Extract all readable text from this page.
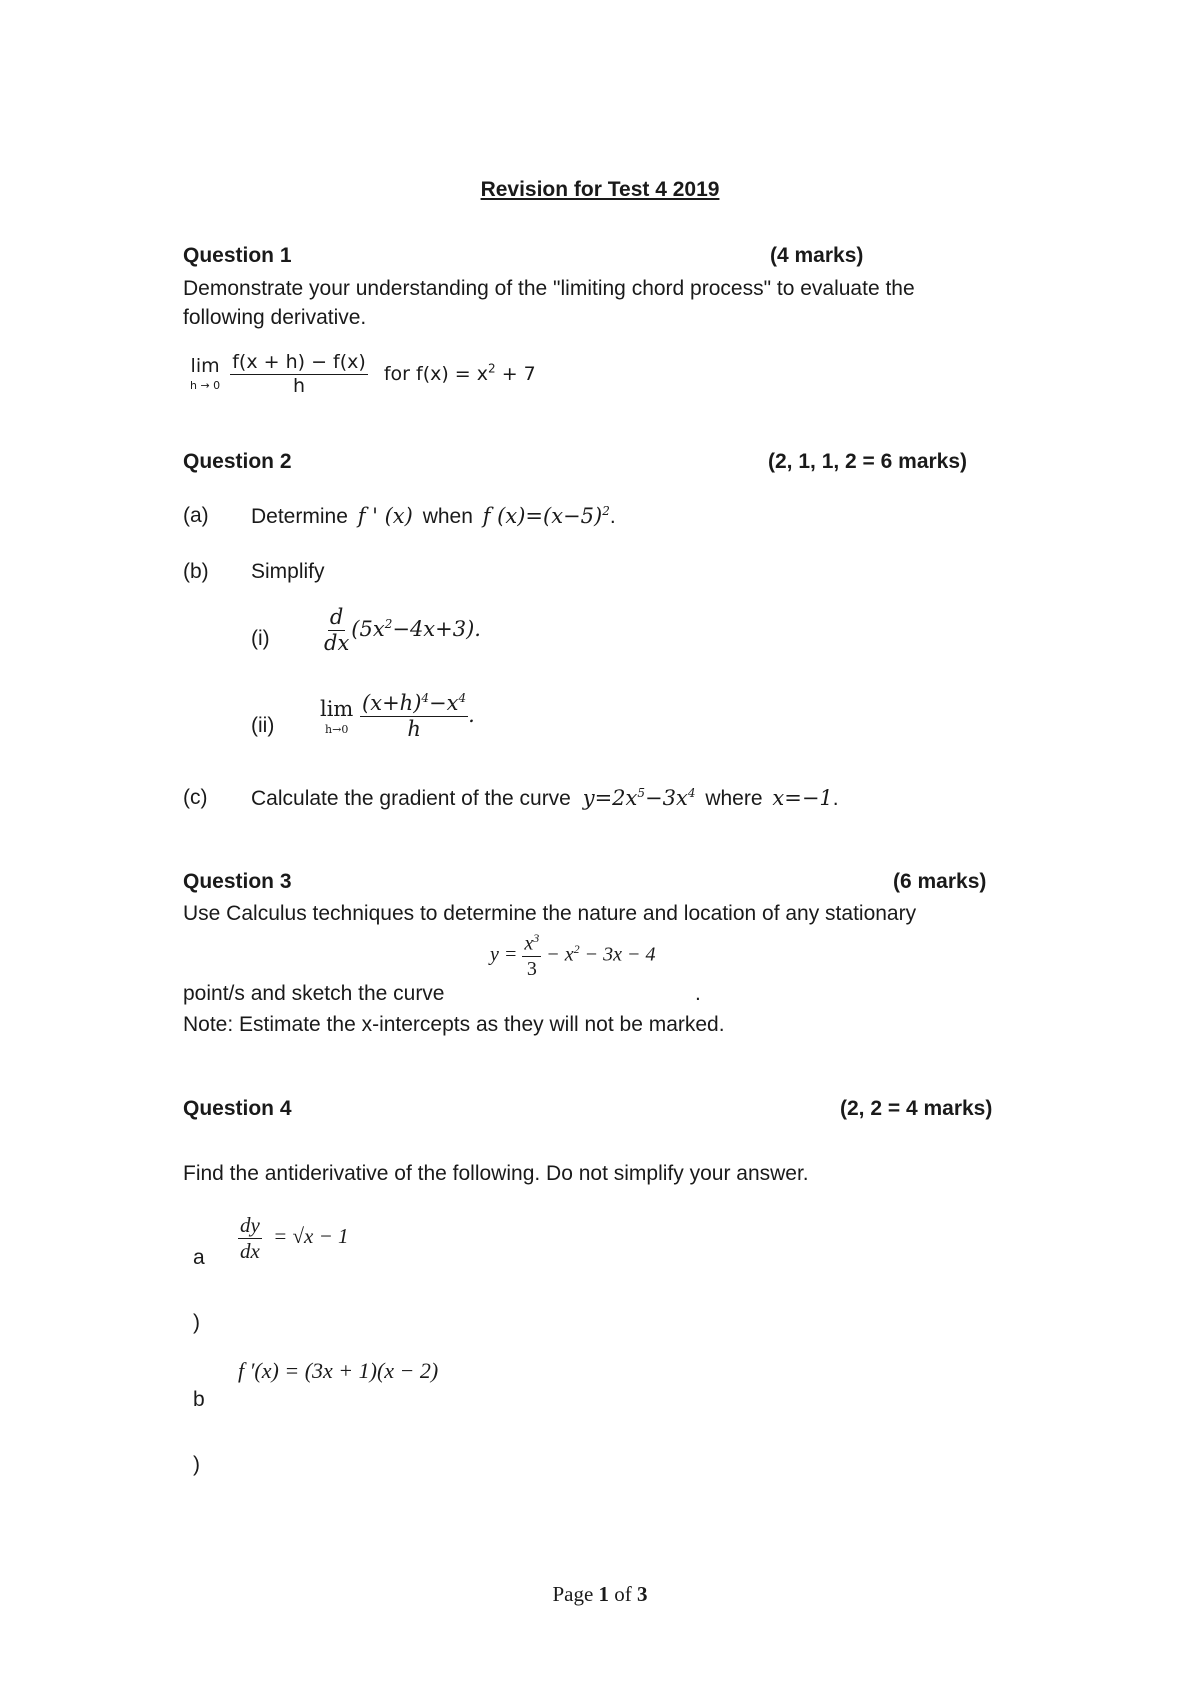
Revision for Test 4 2019
Question 1	(4 marks)
Demonstrate your understanding of the "limiting chord process" to evaluate the
following derivative.
lim
h → 0
$\frac{f(x + h) - f(x)}{h}$ for $f(x) = x^2 + 7$
Question 2	(2, 1, 1, 2 = 6 marks)
(a) Determine f ' (x) when f $(x)=(x-5)^2$.
(b) Simplify
$(i) \frac{d}{dx} (5x^2-4x+3)$.
(ii)
lim
h→0
$\frac{(x+h)^4-x^4}{h}$ .
(c) Calculate the gradient of the curve $y=2x^5-3x^4$ where x=−1.
Question 3	(6 marks)
Use Calculus techniques to determine the nature and location of any stationary
$y = \frac{x^3}{3} - x^2 - 3x - 4$
point/s and sketch the curve	.
Note: Estimate the x-intercepts as they will not be marked.
Question 4	(2, 2 = 4 marks)
Find the antiderivative of the following. Do not simplify your answer.
a $\frac{dy}{dx} = √x - 1$
)
f ′(x) = (3x + 1)(x − 2)
b
)
Page 1 of 3
